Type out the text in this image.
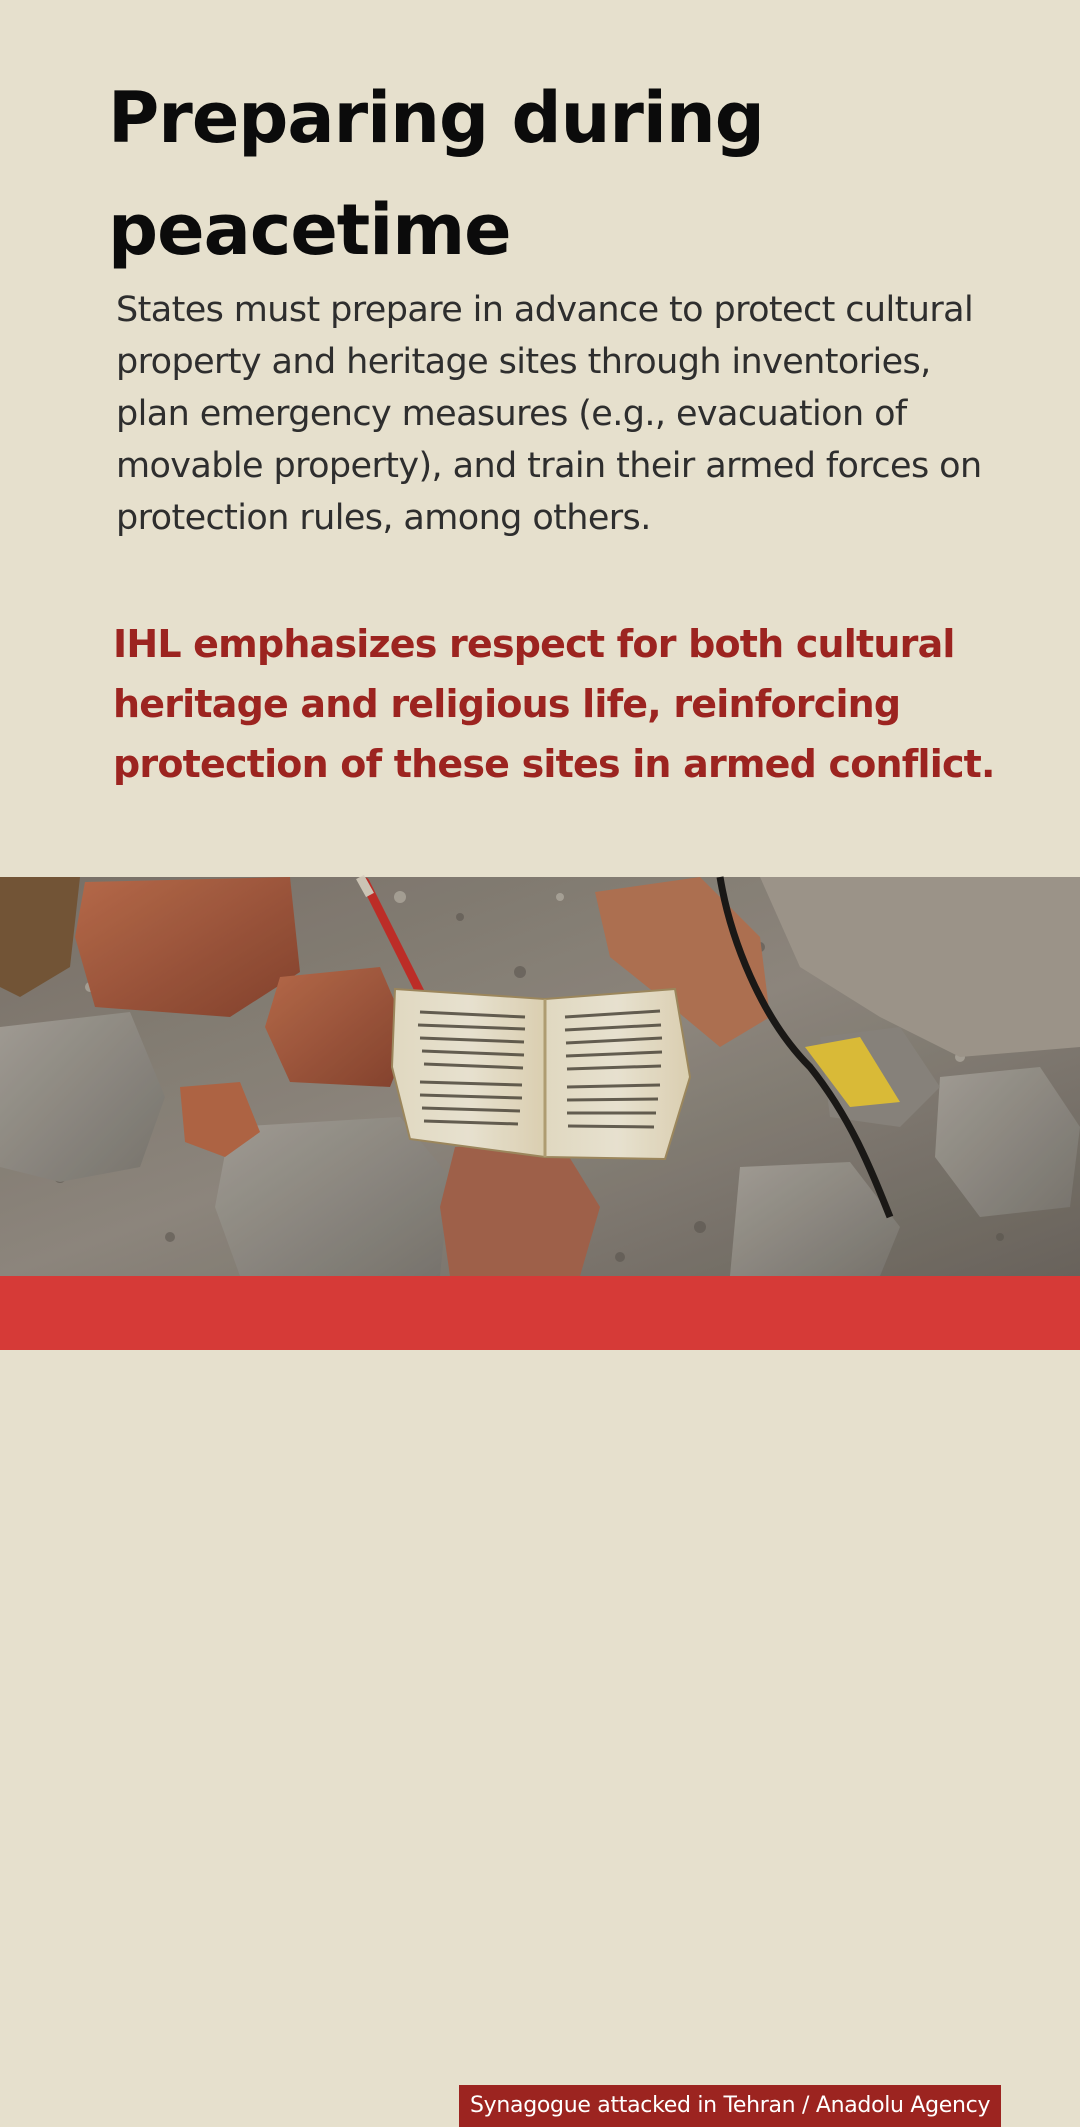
Preparing during peacetime

States must prepare in advance to protect cultural property and heritage sites through inventories, plan emergency measures (e.g., evacuation of movable property), and train their armed forces on protection rules, among others.

IHL emphasizes respect for both cultural heritage and religious life, reinforcing protection of these sites in armed conflict.

Synagogue attacked in Tehran / Anadolu Agency
